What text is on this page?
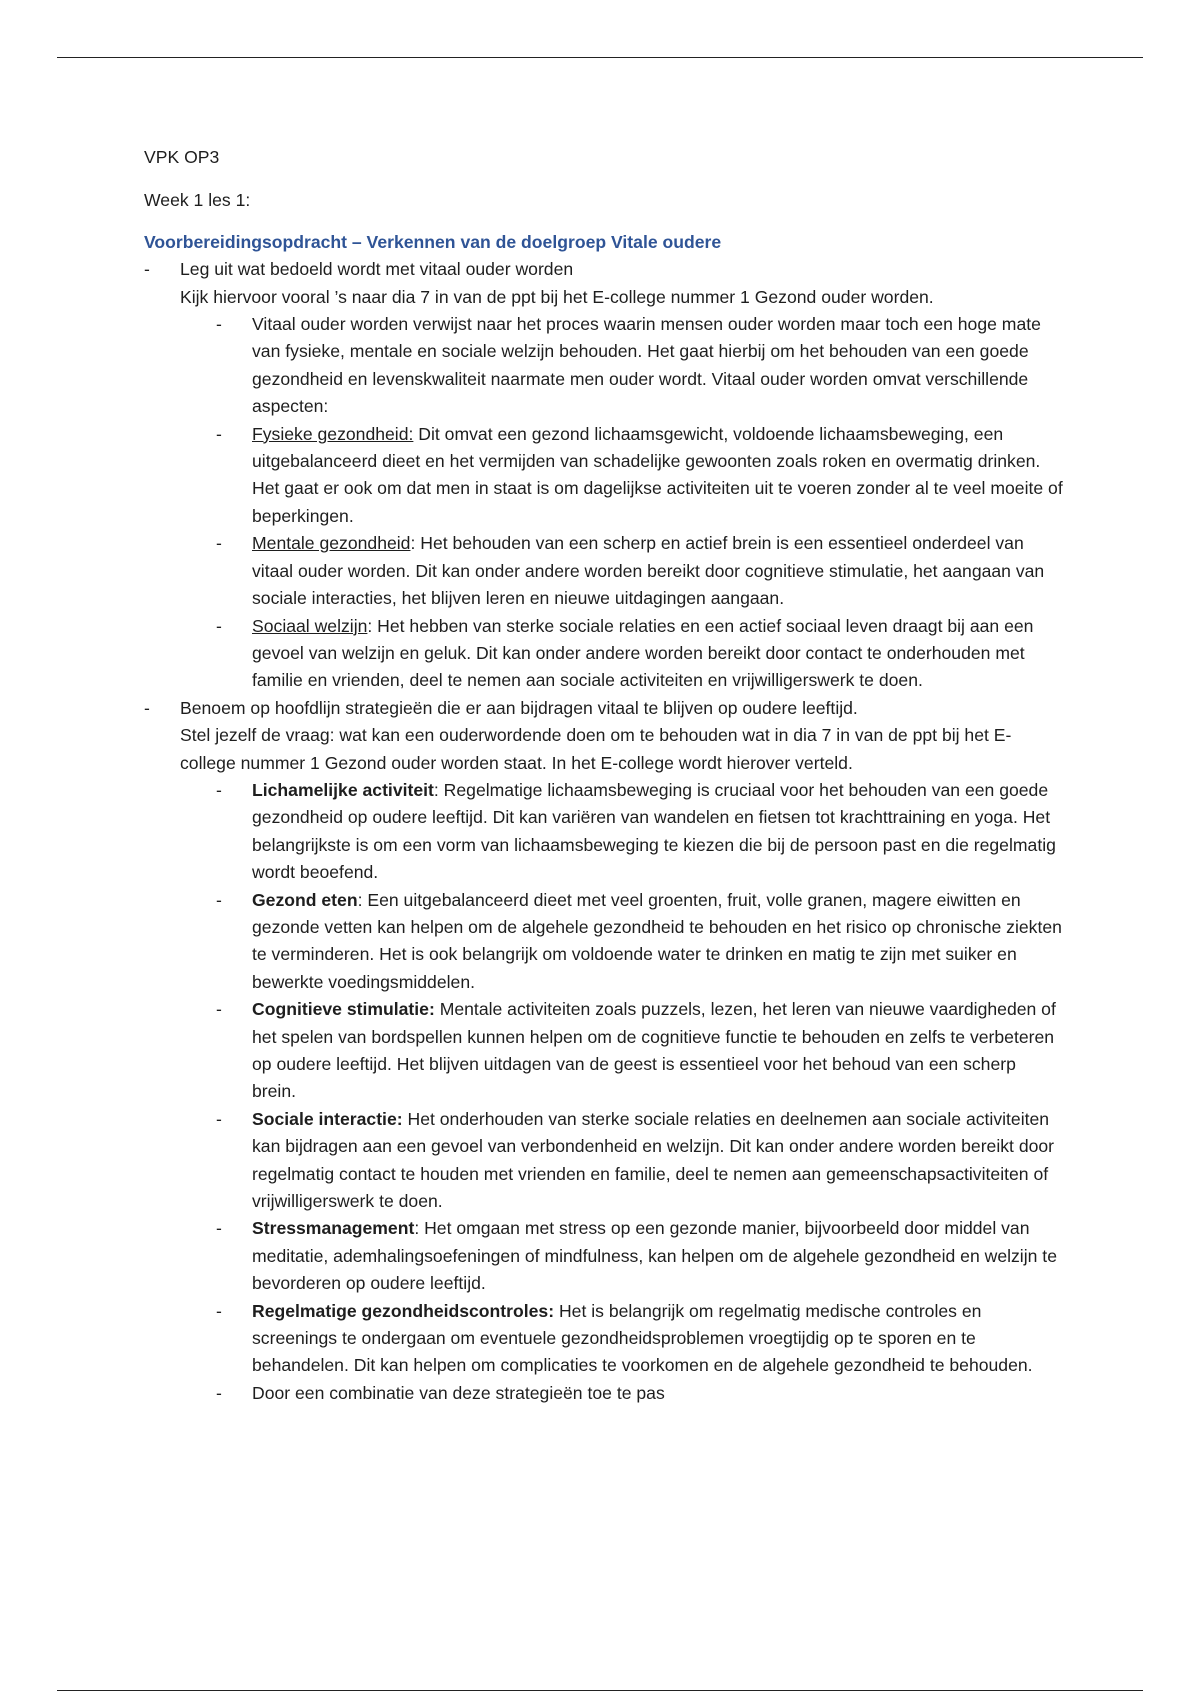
VPK OP3

Week 1 les 1:

Voorbereidingsopdracht – Verkennen van de doelgroep Vitale oudere

-	Leg uit wat bedoeld wordt met vitaal ouder worden
Kijk hiervoor vooral ’s naar dia 7 in van de ppt bij het E-college nummer 1 Gezond ouder worden.
-	Vitaal ouder worden verwijst naar het proces waarin mensen ouder worden maar toch een hoge mate van fysieke, mentale en sociale welzijn behouden. Het gaat hierbij om het behouden van een goede gezondheid en levenskwaliteit naarmate men ouder wordt. Vitaal ouder worden omvat verschillende aspecten:
-	Fysieke gezondheid: Dit omvat een gezond lichaamsgewicht, voldoende lichaamsbeweging, een uitgebalanceerd dieet en het vermijden van schadelijke gewoonten zoals roken en overmatig drinken. Het gaat er ook om dat men in staat is om dagelijkse activiteiten uit te voeren zonder al te veel moeite of beperkingen.
-	Mentale gezondheid: Het behouden van een scherp en actief brein is een essentieel onderdeel van vitaal ouder worden. Dit kan onder andere worden bereikt door cognitieve stimulatie, het aangaan van sociale interacties, het blijven leren en nieuwe uitdagingen aangaan.
-	Sociaal welzijn: Het hebben van sterke sociale relaties en een actief sociaal leven draagt bij aan een gevoel van welzijn en geluk. Dit kan onder andere worden bereikt door contact te onderhouden met familie en vrienden, deel te nemen aan sociale activiteiten en vrijwilligerswerk te doen.
-	Benoem op hoofdlijn strategieën die er aan bijdragen vitaal te blijven op oudere leeftijd.
Stel jezelf de vraag: wat kan een ouderwordende doen om te behouden wat in dia 7 in van de ppt bij het E-college nummer 1 Gezond ouder worden staat. In het E-college wordt hierover verteld.
-	Lichamelijke activiteit: Regelmatige lichaamsbeweging is cruciaal voor het behouden van een goede gezondheid op oudere leeftijd. Dit kan variëren van wandelen en fietsen tot krachttraining en yoga. Het belangrijkste is om een vorm van lichaamsbeweging te kiezen die bij de persoon past en die regelmatig wordt beoefend.
-	Gezond eten: Een uitgebalanceerd dieet met veel groenten, fruit, volle granen, magere eiwitten en gezonde vetten kan helpen om de algehele gezondheid te behouden en het risico op chronische ziekten te verminderen. Het is ook belangrijk om voldoende water te drinken en matig te zijn met suiker en bewerkte voedingsmiddelen.
-	Cognitieve stimulatie: Mentale activiteiten zoals puzzels, lezen, het leren van nieuwe vaardigheden of het spelen van bordspellen kunnen helpen om de cognitieve functie te behouden en zelfs te verbeteren op oudere leeftijd. Het blijven uitdagen van de geest is essentieel voor het behoud van een scherp brein.
-	Sociale interactie: Het onderhouden van sterke sociale relaties en deelnemen aan sociale activiteiten kan bijdragen aan een gevoel van verbondenheid en welzijn. Dit kan onder andere worden bereikt door regelmatig contact te houden met vrienden en familie, deel te nemen aan gemeenschapsactiviteiten of vrijwilligerswerk te doen.
-	Stressmanagement: Het omgaan met stress op een gezonde manier, bijvoorbeeld door middel van meditatie, ademhalingsoefeningen of mindfulness, kan helpen om de algehele gezondheid en welzijn te bevorderen op oudere leeftijd.
-	Regelmatige gezondheidscontroles: Het is belangrijk om regelmatig medische controles en screenings te ondergaan om eventuele gezondheidsproblemen vroegtijdig op te sporen en te behandelen. Dit kan helpen om complicaties te voorkomen en de algehele gezondheid te behouden.
-	Door een combinatie van deze strategieën toe te pas
